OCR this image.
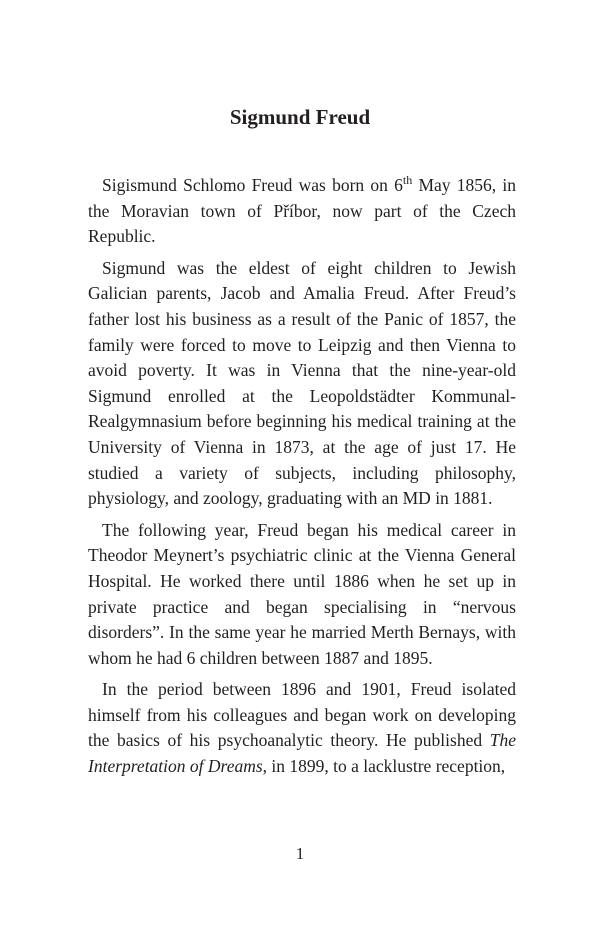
Sigmund Freud

Sigismund Schlomo Freud was born on 6th May 1856, in the Moravian town of Příbor, now part of the Czech Republic.

Sigmund was the eldest of eight children to Jewish Galician parents, Jacob and Amalia Freud. After Freud’s father lost his business as a result of the Panic of 1857, the family were forced to move to Leipzig and then Vienna to avoid poverty. It was in Vienna that the nine-year-old Sigmund enrolled at the Leopoldstädter Kommunal-Realgymnasium before beginning his medical training at the University of Vienna in 1873, at the age of just 17. He studied a variety of subjects, including philosophy, physiology, and zoology, graduating with an MD in 1881.

The following year, Freud began his medical career in Theodor Meynert’s psychiatric clinic at the Vienna General Hospital. He worked there until 1886 when he set up in private practice and began specialising in “nervous disorders”. In the same year he married Merth Bernays, with whom he had 6 children between 1887 and 1895.

In the period between 1896 and 1901, Freud isolated himself from his colleagues and began work on developing the basics of his psychoanalytic theory. He published The Interpretation of Dreams, in 1899, to a lacklustre reception,

1
